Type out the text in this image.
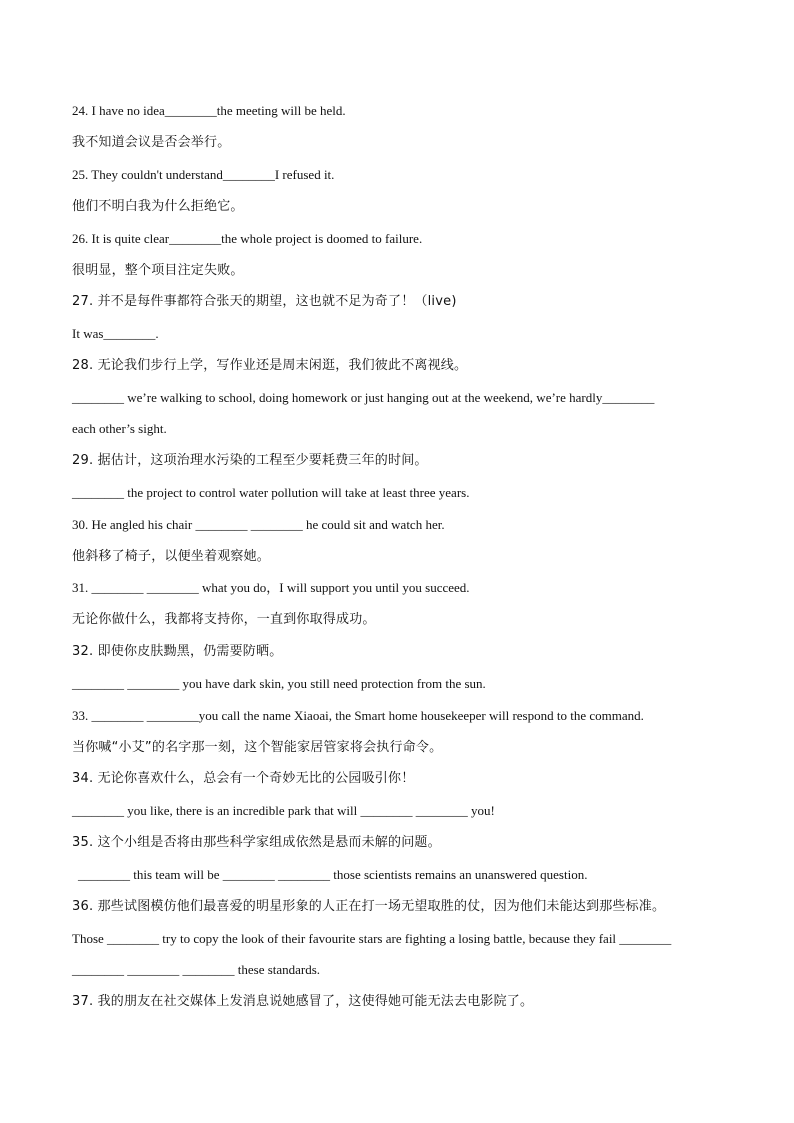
24. I have no idea________the meeting will be held.
我不知道会议是否会举行。
25. They couldn't understand________I refused it.
他们不明白我为什么拒绝它。
26. It is quite clear________the whole project is doomed to failure.
很明显，整个项目注定失败。
27. 并不是每件事都符合张天的期望，这也就不足为奇了！（live)
It was________.
28. 无论我们步行上学，写作业还是周末闲逛，我们彼此不离视线。
________ we’re walking to school, doing homework or just hanging out at the weekend, we’re hardly________
each other’s sight.
29. 据估计，这项治理水污染的工程至少要耗费三年的时间。
________ the project to control water pollution will take at least three years.
30. He angled his chair ________ ________ he could sit and watch her.
他斜移了椅子，以便坐着观察她。
31. ________ ________ what you do，I will support you until you succeed.
无论你做什么，我都将支持你，一直到你取得成功。
32. 即使你皮肤黝黑，仍需要防晒。
________ ________ you have dark skin, you still need protection from the sun.
33. ________ ________you call the name Xiaoai, the Smart home housekeeper will respond to the command.
当你喊“小艾”的名字那一刻，这个智能家居管家将会执行命令。
34. 无论你喜欢什么，总会有一个奇妙无比的公园吸引你！
________ you like, there is an incredible park that will ________ ________ you!
35. 这个小组是否将由那些科学家组成依然是悬而未解的问题。
________ this team will be ________ ________ those scientists remains an unanswered question.
36. 那些试图模仿他们最喜爱的明星形象的人正在打一场无望取胜的仗，因为他们未能达到那些标准。
Those ________ try to copy the look of their favourite stars are fighting a losing battle, because they fail ________
________ ________ ________ these standards.
37. 我的朋友在社交媒体上发消息说她感冒了，这使得她可能无法去电影院了。
